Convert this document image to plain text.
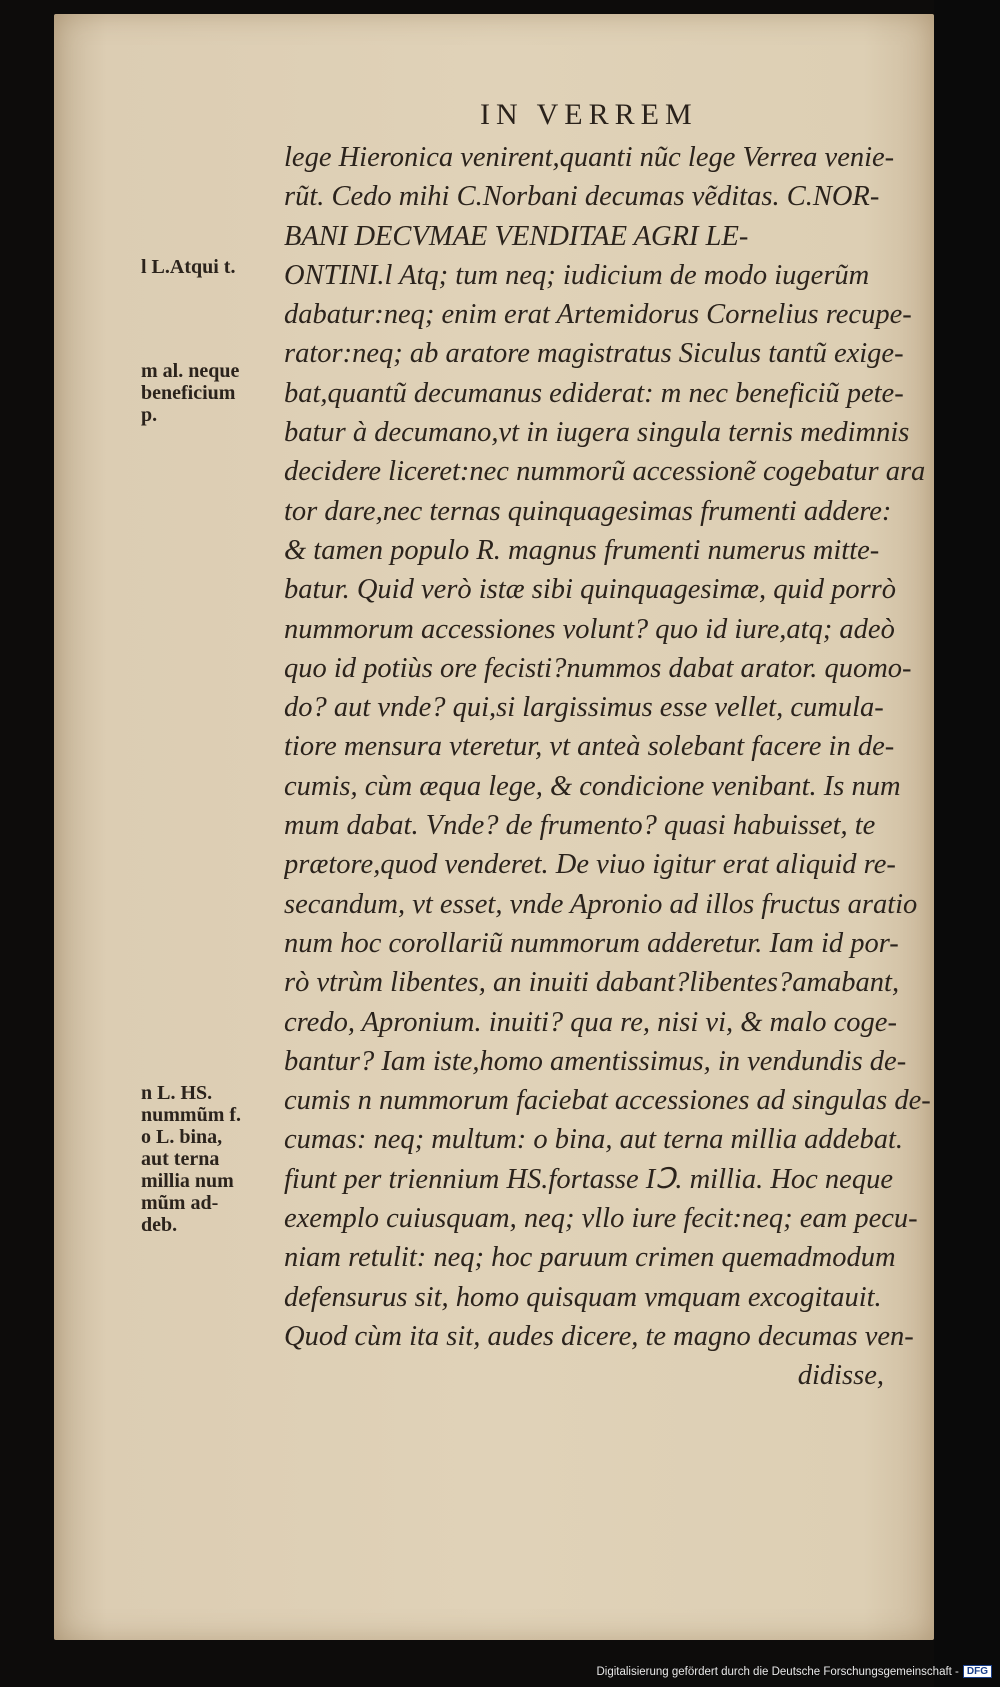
IN VERREM
lege Hieronica venirent,quanti nũc lege Verrea venie-
rũt. Cedo mihi C.Norbani decumas vẽditas. C.NOR-
BANI DECVMAE VENDITAE AGRI LE-
ONTINI.l Atq; tum neq; iudicium de modo iugerũm
dabatur:neq; enim erat Artemidorus Cornelius recupe-
rator:neq; ab aratore magistratus Siculus tantũ exige-
bat,quantũ decumanus ediderat: m nec beneficiũ pete-
batur à decumano,vt in iugera singula ternis medimnis
decidere liceret:nec nummorũ accessionẽ cogebatur ara
tor dare,nec ternas quinquagesimas frumenti addere:
& tamen populo R. magnus frumenti numerus mitte-
batur. Quid verò istæ sibi quinquagesimæ, quid porrò
nummorum accessiones volunt? quo id iure,atq; adeò
quo id potiùs ore fecisti?nummos dabat arator. quomo-
do? aut vnde? qui,si largissimus esse vellet, cumula-
tiore mensura vteretur, vt anteà solebant facere in de-
cumis, cùm æqua lege, & condicione venibant. Is num
mum dabat. Vnde? de frumento? quasi habuisset, te
prætore,quod venderet. De viuo igitur erat aliquid re-
secandum, vt esset, vnde Apronio ad illos fructus aratio
num hoc corollariũ nummorum adderetur. Iam id por-
rò vtrùm libentes, an inuiti dabant?libentes?amabant,
credo, Apronium. inuiti? qua re, nisi vi, & malo coge-
bantur? Iam iste,homo amentissimus, in vendundis de-
cumis n nummorum faciebat accessiones ad singulas de-
cumas: neq; multum: o bina, aut terna millia addebat.
fiunt per triennium HS.fortasse IↃ. millia. Hoc neque
exemplo cuiusquam, neq; vllo iure fecit:neq; eam pecu-
niam retulit: neq; hoc paruum crimen quemadmodum
defensurus sit, homo quisquam vmquam excogitauit.
Quod cùm ita sit, audes dicere, te magno decumas ven-
didisse,
l L.Atqui t.
m al. neque
beneficium
p.
n L. HS.
nummũm f.
o L. bina,
aut terna
millia num
mũm ad-
deb.
Digitalisierung gefördert durch die Deutsche Forschungsgemeinschaft - DFG
